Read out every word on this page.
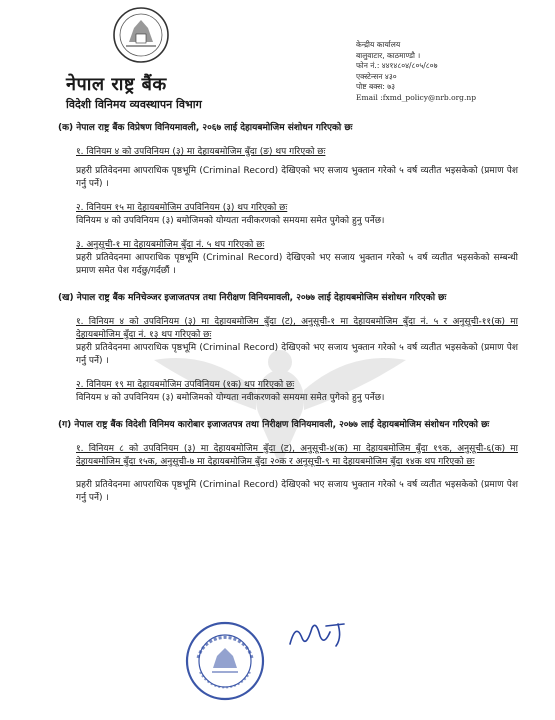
नेपाल राष्ट्र बैंक
विदेशी विनिमय व्यवस्थापन विभाग
केन्द्रीय कार्यालय
बालुवाटार, काठमाण्डौ ।
फोन नं.: ४४१४८०४/८०५/८०७
एक्स्टेन्सन ४३०
पोष्ट बक्स: ७३
Email :fxmd_policy@nrb.org.np
(क) नेपाल राष्ट्र बैंक विप्रेषण विनियमावली, २०६७ लाई देहायबमोजिम संशोधन गरिएको छः

१. विनियम ४ को उपविनियम (३) मा देहायबमोजिम बुँदा (ङ) थप गरिएको छः

प्रहरी प्रतिवेदनमा आपराधिक पृष्ठभूमि (Criminal Record) देखिएको भए सजाय भुक्तान गरेको ५ वर्ष व्यतीत भइसकेको (प्रमाण पेश गर्नु पर्ने) ।

२. विनियम १५ मा देहायबमोजिम उपविनियम (३) थप गरिएको छः

विनियम ४ को उपविनियम (३) बमोजिमको योग्यता नवीकरणको समयमा समेत पुगेको हुनु पर्नेछ।

३. अनुसूची-१ मा देहायबमोजिम बुँदा नं. ५ थप गरिएको छः

प्रहरी प्रतिवेदनमा आपराधिक पृष्ठभूमि (Criminal Record) देखिएको भए सजाय भुक्तान गरेको ५ वर्ष व्यतीत भइसकेको सम्बन्धी प्रमाण समेत पेश गर्दछु/गर्दछौं ।

(ख) नेपाल राष्ट्र बैंक मनिचेञ्जर इजाजतपत्र तथा निरीक्षण विनियमावली, २०७७ लाई देहायबमोजिम संशोधन गरिएको छः

१. विनियम ४ को उपविनियम (३) मा देहायबमोजिम बुँदा (ट), अनुसूची-१ मा देहायबमोजिम बुँदा नं. ५ र अनुसूची-११(क) मा देहायबमोजिम बुँदा नं. १३ थप गरिएको छः

प्रहरी प्रतिवेदनमा आपराधिक पृष्ठभूमि (Criminal Record) देखिएको भए सजाय भुक्तान गरेको ५ वर्ष व्यतीत भइसकेको (प्रमाण पेश गर्नु पर्ने) ।

२. विनियम १९ मा देहायबमोजिम उपविनियम (१क) थप गरिएको छः

विनियम ४ को उपविनियम (३) बमोजिमको योग्यता नवीकरणको समयमा समेत पुगेको हुनु पर्नेछ।

(ग) नेपाल राष्ट्र बैंक विदेशी विनिमय कारोबार इजाजतपत्र तथा निरीक्षण विनियमावली, २०७७ लाई देहायबमोजिम संशोधन गरिएको छः

१. विनियम ८ को उपविनियम (३) मा देहायबमोजिम बुँदा (ट), अनुसूची-४(क) मा देहायबमोजिम बुँदा १९क, अनुसूची-६(क) मा देहायबमोजिम बुँदा १५क, अनुसूची-७ मा देहायबमोजिम बुँदा २०क र अनुसूची-९ मा देहायबमोजिम बुँदा १४क थप गरिएको छः

प्रहरी प्रतिवेदनमा आपराधिक पृष्ठभूमि (Criminal Record) देखिएको भए सजाय भुक्तान गरेको ५ वर्ष व्यतीत भइसकेको (प्रमाण पेश गर्नु पर्ने) ।
